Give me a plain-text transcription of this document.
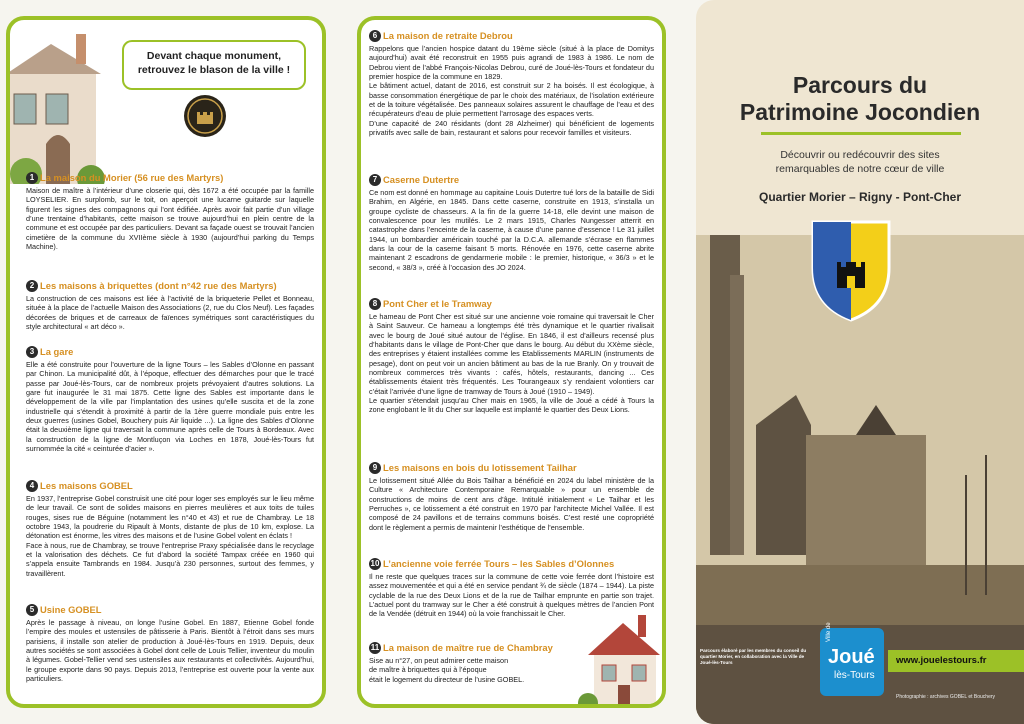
Devant chaque monument, retrouvez le blason de la ville !
1 La maison du Morier (56 rue des Martyrs)

Maison de maître à l’intérieur d’une closerie qui, dès 1672 a été occupée par la famille LOYSELIER. En surplomb, sur le toit, on aperçoit une lucarne guitarde sur laquelle figurent les signes des compagnons qui l’ont édifiée. Après avoir fait partie d’un village d’une trentaine d’habitants, cette maison se trouve aujourd’hui en plein centre de la commune et est occupée par des particuliers. Devant sa façade ouest se trouvait l’ancien cimetière de la commune du XVIIème siècle à 1930 (aujourd’hui parking du Temps Machine).

2 Les maisons à briquettes (dont n°42 rue des Martyrs)

La construction de ces maisons est liée à l’activité de la briqueterie Pellet et Bonneau, située à la place de l’actuelle Maison des Associations (2, rue du Clos Neuf). Les façades décorées de briques et de carreaux de faïences symétriques sont caractéristiques du style architectural « art déco ».

3 La gare

Elle a été construite pour l’ouverture de la ligne Tours – les Sables d’Olonne en passant par Chinon. La municipalité dût, à l’époque, effectuer des démarches pour que le tracé passe par Joué-lès-Tours, car de nombreux projets prévoyaient d’autres solutions. La gare fut inaugurée le 31 mai 1875. Cette ligne des Sables est importante dans le développement de la ville par l’implantation des usines qu’elle suscita et de la zone industrielle qui s’étendit à proximité à partir de la 1ère guerre mondiale puis entre les deux guerres (usines Gobel, Bouchery puis Air liquide ...). La ligne des Sables d’Olonne était la deuxième ligne qui traversait la commune après celle de Tours à Bordeaux. Avec la construction de la ligne de Montluçon via Loches en 1878, Joué-lès-Tours fut surnommée la cité « ceinturée d’acier ».

4 Les maisons GOBEL

En 1937, l’entreprise Gobel construisit une cité pour loger ses employés sur le lieu même de leur travail. Ce sont de solides maisons en pierres meulières et aux toits de tuiles rouges, sises rue de Béguine (notamment les n°40 et 43) et rue de Chambray. Le 18 octobre 1943, la poudrerie du Ripault à Monts, distante de plus de 10 km, explose. La détonation est énorme, les vitres des maisons et de l’usine Gobel volent en éclats !
Face à nous, rue de Chambray, se trouve l’entreprise Praxy spécialisée dans le recyclage et la valorisation des déchets. Ce fut d’abord la société Tampax créée en 1960 qui s’appela ensuite Tambrands en 1984. Jusqu’à 230 personnes, surtout des femmes, y travaillèrent.

5 Usine GOBEL

Après le passage à niveau, on longe l’usine Gobel. En 1887, Etienne Gobel fonde l’empire des moules et ustensiles de pâtisserie à Paris. Bientôt à l’étroit dans ses murs parisiens, il installe son atelier de production à Joué-lès-Tours en 1919. Depuis, deux autres sociétés se sont associées à Gobel dont celle de Louis Tellier, inventeur du moulin à légumes. Gobel-Tellier vend ses ustensiles aux restaurants et collectivités. Aujourd’hui, le groupe exporte dans 90 pays. Depuis 2013, l’entreprise est ouverte pour la vente aux particuliers.

6 La maison de retraite Debrou

Rappelons que l’ancien hospice datant du 19ème siècle (situé à la place de Domitys aujourd’hui) avait été reconstruit en 1955 puis agrandi de 1983 à 1986. Le nom de Debrou vient de l’abbé François-Nicolas Debrou, curé de Joué-lès-Tours et fondateur du premier hospice de la commune en 1829.
Le bâtiment actuel, datant de 2016, est construit sur 2 ha boisés. Il est écologique, à basse consommation énergétique de par le choix des matériaux, de l’isolation extérieure et de la toiture végétalisée. Des panneaux solaires assurent le chauffage de l’eau et des récupérateurs d’eau de pluie permettent l’arrosage des espaces verts.
D’une capacité de 240 résidants (dont 28 Alzheimer) qui bénéficient de logements privatifs avec salle de bain, restaurant et salons pour recevoir familles et visiteurs.

7 Caserne Dutertre

Ce nom est donné en hommage au capitaine Louis Dutertre tué lors de la bataille de Sidi Brahim, en Algérie, en 1845. Dans cette caserne, construite en 1913, s’installa un groupe cycliste de chasseurs. A la fin de la guerre 14-18, elle devint une maison de convalescence pour les mutilés. Le 2 mars 1915, Charles Nungesser atterrit en catastrophe dans l’enceinte de la caserne, à cause d’une panne d’essence ! Le 31 juillet 1944, un bombardier américain touché par la D.C.A. allemande s’écrase en flammes dans la cour de la caserne faisant 5 morts. Rénovée en 1976, cette caserne abrite maintenant 2 escadrons de gendarmerie mobile : le premier, historique, « 36/3 » et le second, « 38/3 », créé à l’occasion des JO 2024.

8 Pont Cher et le Tramway

Le hameau de Pont Cher est situé sur une ancienne voie romaine qui traversait le Cher à Saint Sauveur. Ce hameau a longtemps été très dynamique et le quartier rivalisait avec le bourg de Joué situé autour de l’église. En 1846, il est d’ailleurs recensé plus d’habitants dans le village de Pont-Cher que dans le bourg. Au début du XXème siècle, des entreprises y étaient installées comme les Etablissements MARLIN (instruments de pesage), dont on peut voir un ancien bâtiment au bas de la rue Branly. On y trouvait de nombreux commerces très vivants : cafés, hôtels, restaurants, dancing ... Ces établissements étaient très fréquentés. Les Tourangeaux s’y rendaient volontiers car c’était l’arrivée d’une ligne de tramway de Tours à Joué (1910 – 1949).
Le quartier s’étendait jusqu’au Cher mais en 1965, la ville de Joué a cédé à Tours la zone englobant le lit du Cher sur laquelle est implanté le quartier des Deux Lions.

9 Les maisons en bois du lotissement Tailhar

Le lotissement situé Allée du Bois Tailhar a bénéficié en 2024 du label ministère de la Culture « Architecture Contemporaine Remarquable » pour un ensemble de constructions de moins de cent ans d’âge. Intitulé initialement « Le Tailhar et les Perruches », ce lotissement a été construit en 1970 par l’architecte Michel Vallée. Il est composé de 24 pavillons et de terrains communs boisés. C’est resté une copropriété dont le règlement a permis de maintenir l’esthétique de l’ensemble.

10 L’ancienne voie ferrée Tours – les Sables d’Olonnes

Il ne reste que quelques traces sur la commune de cette voie ferrée dont l’histoire est assez mouvementée et qui a été en service pendant ¾ de siècle (1874 – 1944). La piste cyclable de la rue des Deux Lions et de la rue de Tailhar emprunte en partie son trajet. L’actuel pont du tramway sur le Cher a été construit à quelques mètres de l’ancien Pont de la Vendée (détruit en 1944) où la voie franchissait le Cher.

11 La maison de maître rue de Chambray

Sise au n°27, on peut admirer cette maison
de maître à briquettes qui à l’époque
était le logement du directeur de l’usine GOBEL.

Parcours du
Patrimoine Jocondien
Découvrir ou redécouvrir des sites
remarquables de notre cœur de ville
Quartier Morier – Rigny - Pont-Cher
Parcours élaboré par les membres du conseil du quartier Morier, en collaboration avec la Ville de Joué-lès-Tours
Ville de
Joué
lès-Tours
www.jouelestours.fr
Photographie : archives GOBEL et Bouchery
